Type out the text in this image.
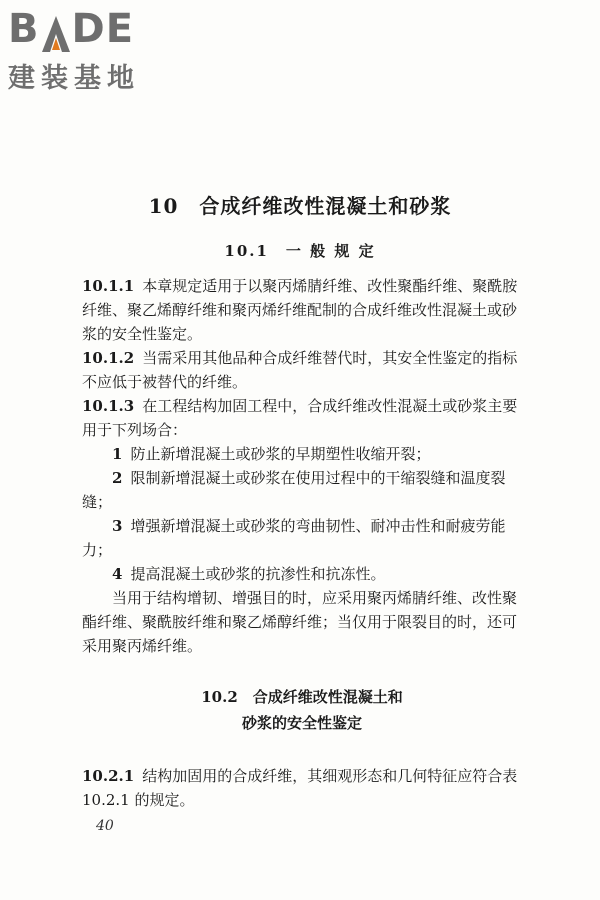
B DE
建装基地
10　合成纤维改性混凝土和砂浆
10.1　一 般 规 定

10.1.1 本章规定适用于以聚丙烯腈纤维、改性聚酯纤维、聚酰胺纤维、聚乙烯醇纤维和聚丙烯纤维配制的合成纤维改性混凝土或砂浆的安全性鉴定。

10.1.2 当需采用其他品种合成纤维替代时，其安全性鉴定的指标不应低于被替代的纤维。

10.1.3 在工程结构加固工程中，合成纤维改性混凝土或砂浆主要用于下列场合：

1 防止新增混凝土或砂浆的早期塑性收缩开裂；

2 限制新增混凝土或砂浆在使用过程中的干缩裂缝和温度裂缝；

3 增强新增混凝土或砂浆的弯曲韧性、耐冲击性和耐疲劳能力；

4 提高混凝土或砂浆的抗渗性和抗冻性。

当用于结构增韧、增强目的时，应采用聚丙烯腈纤维、改性聚酯纤维、聚酰胺纤维和聚乙烯醇纤维；当仅用于限裂目的时，还可采用聚丙烯纤维。

10.2　合成纤维改性混凝土和
砂浆的安全性鉴定

10.2.1 结构加固用的合成纤维，其细观形态和几何特征应符合表 10.2.1 的规定。

40
